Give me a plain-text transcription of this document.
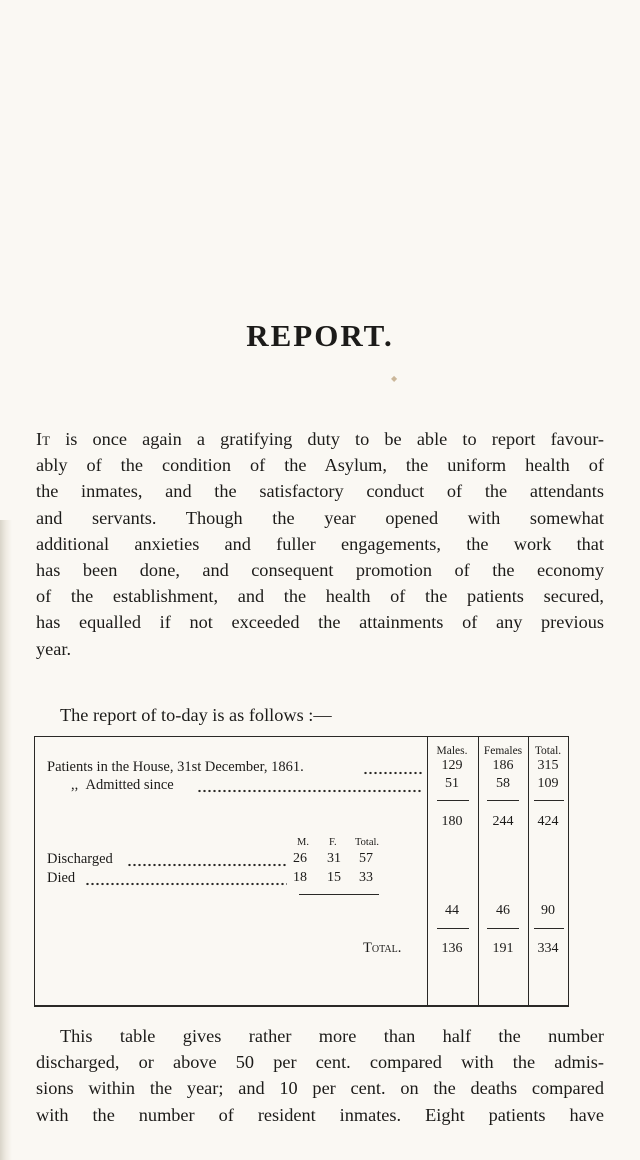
REPORT.
◆

It is once again a gratifying duty to be able to report favour-
ably of the condition of the Asylum, the uniform health of
the inmates, and the satisfactory conduct of the attendants
and servants. Though the year opened with somewhat
additional anxieties and fuller engagements, the work that
has been done, and consequent promotion of the economy
of the establishment, and the health of the patients secured,
has equalled if not exceeded the attainments of any previous
year.

The report of to-day is as follows :—

Males.	Females	Total.
Patients in the House, 31st December, 1861.	129	186	315
,, Admitted since	51	58	109
180	244	424
M. F. Total.
Discharged	26 31 57
Died	18 15 33
44	46	90
Total.	136	191	334

This table gives rather more than half the number
discharged, or above 50 per cent. compared with the admis-
sions within the year; and 10 per cent. on the deaths compared
with the number of resident inmates. Eight patients have
